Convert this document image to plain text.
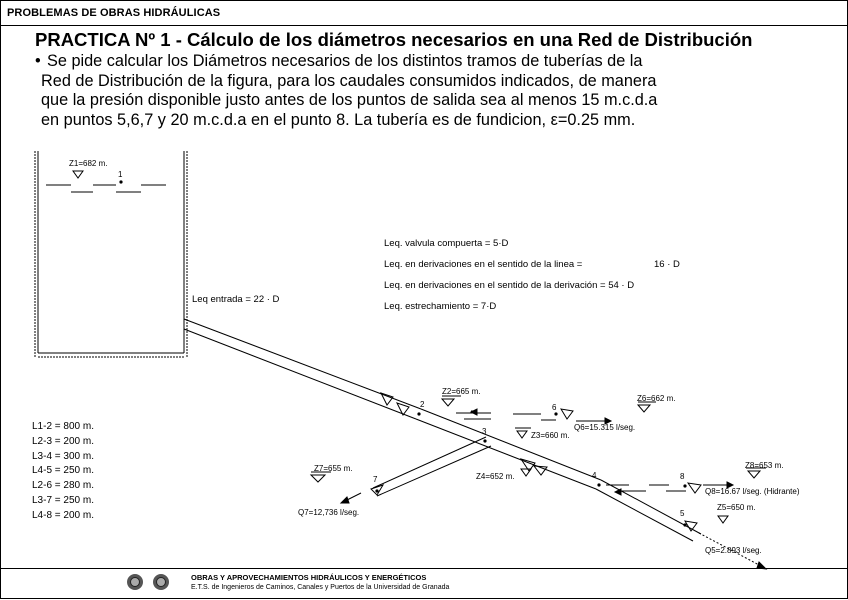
PROBLEMAS DE OBRAS HIDRÁULICAS
PRACTICA Nº 1 - Cálculo de los diámetros necesarios en una Red de Distribución
• Se pide calcular los Diámetros necesarios de los distintos tramos de tuberías de la
Red de Distribución de la figura, para los caudales consumidos indicados, de manera
que la presión disponible justo antes de los puntos de salida sea al menos 15 m.c.d.a
en puntos 5,6,7 y 20 m.c.d.a en el punto 8. La tubería es de fundicion, ε=0.25 mm.
Z1=682 m.
1
Leq. valvula compuerta = 5·D
Leq. en derivaciones en el sentido de la linea =	16 · D
Leq. en derivaciones en el sentido de la derivación = 54 · D
Leq. estrechamiento = 7·D
Leq entrada = 22 · D
Z2=665 m.
2
3
6
Z3=660 m.
Z6=662 m.
Q6=15.315 l/seg.
Z7=655 m.
7
Q7=12,736 l/seg.
Z4=652 m.	4	8
Z8=653 m.
Q8=16.67 l/seg. (Hidrante)
Z5=650 m.
5
Q5=2.893 l/seg.
L1-2 = 800 m.
L2-3 = 200 m.
L3-4 = 300 m.
L4-5 = 250 m.
L2-6 = 280 m.
L3-7 = 250 m.
L4-8 = 200 m.
OBRAS Y APROVECHAMIENTOS HIDRÁULICOS Y ENERGÉTICOS
E.T.S. de Ingenieros de Caminos, Canales y Puertos de la Universidad de Granada
